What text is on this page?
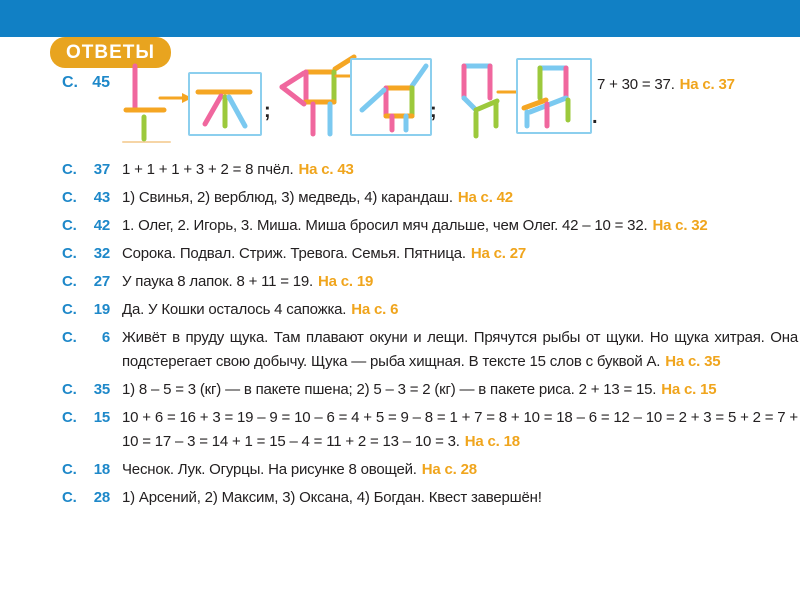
ОТВЕТЫ
С. 45
;	;	.
7 + 30 = 37. На с. 37
С. 37 1 + 1 + 1 + 3 + 2 = 8 пчёл. На с. 43
С. 43 1) Свинья, 2) верблюд, 3) медведь, 4) карандаш. На с. 42
С. 42 1. Олег, 2. Игорь, 3. Миша. Миша бросил мяч дальше, чем Олег. 42 – 10 = 32. На с. 32
С. 32 Сорока. Подвал. Стриж. Тревога. Семья. Пятница. На с. 27
С. 27 У паука 8 лапок. 8 + 11 = 19. На с. 19
С. 19 Да. У Кошки осталось 4 сапожка. На с. 6
С. 6 Живёт в пруду щука. Там плавают окуни и лещи. Прячутся рыбы от щуки. Но щука хитрая. Она подстерегает свою добычу. Щука — рыба хищная. В тексте 15 слов с буквой А. На с. 35
С. 35 1) 8 – 5 = 3 (кг) — в пакете пшена; 2) 5 – 3 = 2 (кг) — в пакете риса. 2 + 13 = 15. На с. 15
С. 15 10 + 6 = 16 + 3 = 19 – 9 = 10 – 6 = 4 + 5 = 9 – 8 = 1 + 7 = 8 + 10 = 18 – 6 = 12 – 10 = 2 + 3 = 5 + 2 = 7 + 10 = 17 – 3 = 14 + 1 = 15 – 4 = 11 + 2 = 13 – 10 = 3. На с. 18
С. 18 Чеснок. Лук. Огурцы. На рисунке 8 овощей. На с. 28
С. 28 1) Арсений, 2) Максим, 3) Оксана, 4) Богдан. Квест завершён!
